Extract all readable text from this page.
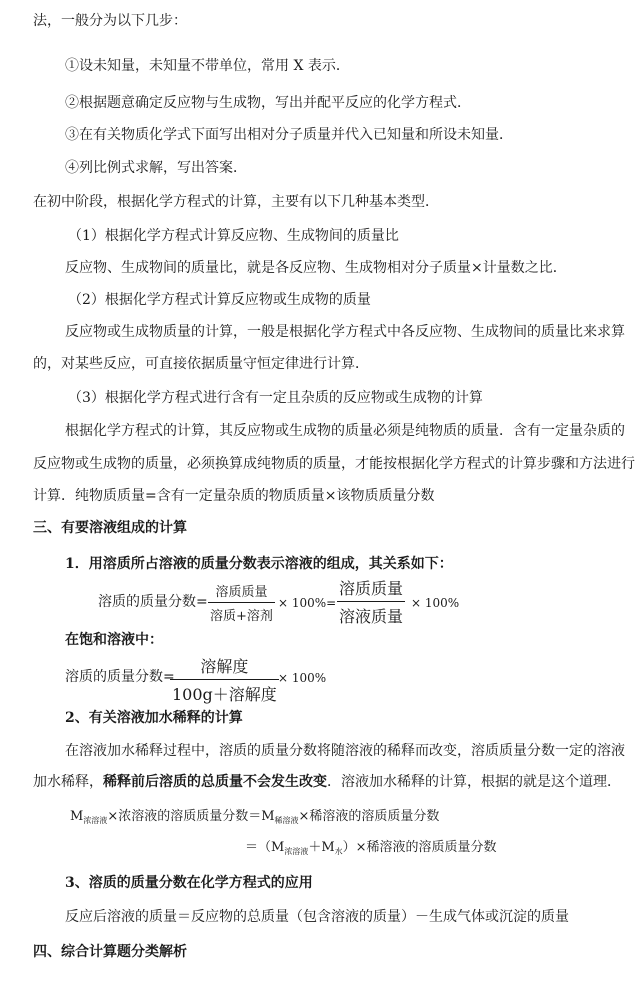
法，一般分为以下几步：
①设未知量，未知量不带单位，常用 X 表示．
②根据题意确定反应物与生成物，写出并配平反应的化学方程式．
③在有关物质化学式下面写出相对分子质量并代入已知量和所设未知量．
④列比例式求解，写出答案．
在初中阶段，根据化学方程式的计算，主要有以下几种基本类型．
（1）根据化学方程式计算反应物、生成物间的质量比
反应物、生成物间的质量比，就是各反应物、生成物相对分子质量×计量数之比．
（2）根据化学方程式计算反应物或生成物的质量
反应物或生成物质量的计算，一般是根据化学方程式中各反应物、生成物间的质量比来求算
的，对某些反应，可直接依据质量守恒定律进行计算．
（3）根据化学方程式进行含有一定且杂质的反应物或生成物的计算
根据化学方程式的计算，其反应物或生成物的质量必须是纯物质的质量．含有一定量杂质的
反应物或生成物的质量，必须换算成纯物质的质量，才能按根据化学方程式的计算步骤和方法进行
计算．纯物质质量=含有一定量杂质的物质质量×该物质质量分数
三、有要溶液组成的计算
1．用溶质所占溶液的质量分数表示溶液的组成，其关系如下：
溶质的质量分数=
溶质质量
溶质+溶剂
× 100%=
溶质质量
溶液质量
× 100%
在饱和溶液中：
溶质的质量分数=
溶解度
100g＋溶解度
× 100%
2、有关溶液加水稀释的计算
在溶液加水稀释过程中，溶质的质量分数将随溶液的稀释而改变，溶质质量分数一定的溶液
加水稀释，稀释前后溶质的总质量不会发生改变．溶液加水稀释的计算，根据的就是这个道理．
$M_{浓溶液}\times$浓溶液的溶质质量分数$=M_{稀溶液}\times$稀溶液的溶质质量分数
$=(M_{浓溶液}+M_水)\times$稀溶液的溶质质量分数
3、溶质的质量分数在化学方程式的应用
反应后溶液的质量＝反应物的总质量（包含溶液的质量）－生成气体或沉淀的质量
四、综合计算题分类解析
